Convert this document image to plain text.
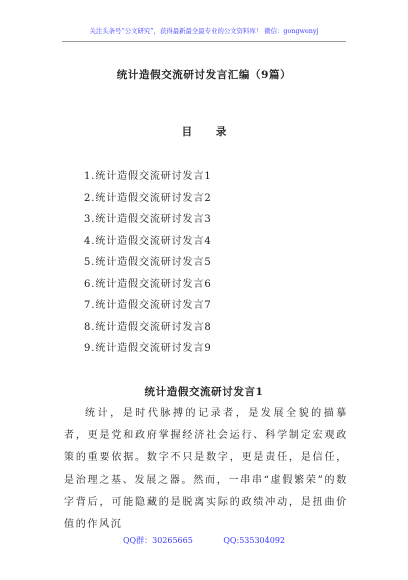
关注头条号“公文研究”，获得最新最全最专业的公文资料库！ 微信：gongwenyj
统计造假交流研讨发言汇编（9篇）
目 录
1.统计造假交流研讨发言1
2.统计造假交流研讨发言2
3.统计造假交流研讨发言3
4.统计造假交流研讨发言4
5.统计造假交流研讨发言5
6.统计造假交流研讨发言6
7.统计造假交流研讨发言7
8.统计造假交流研讨发言8
9.统计造假交流研讨发言9
统计造假交流研讨发言1

统计，是时代脉搏的记录者，是发展全貌的描摹者，更是党和政府掌握经济社会运行、科学制定宏观政策的重要依据。数字不只是数字，更是责任，是信任，是治理之基、发展之器。然而，一串串“虚假繁荣”的数字背后，可能隐藏的是脱离实际的政绩冲动，是扭曲价值的作风沉

QQ群：30265665	QQ:535304092
